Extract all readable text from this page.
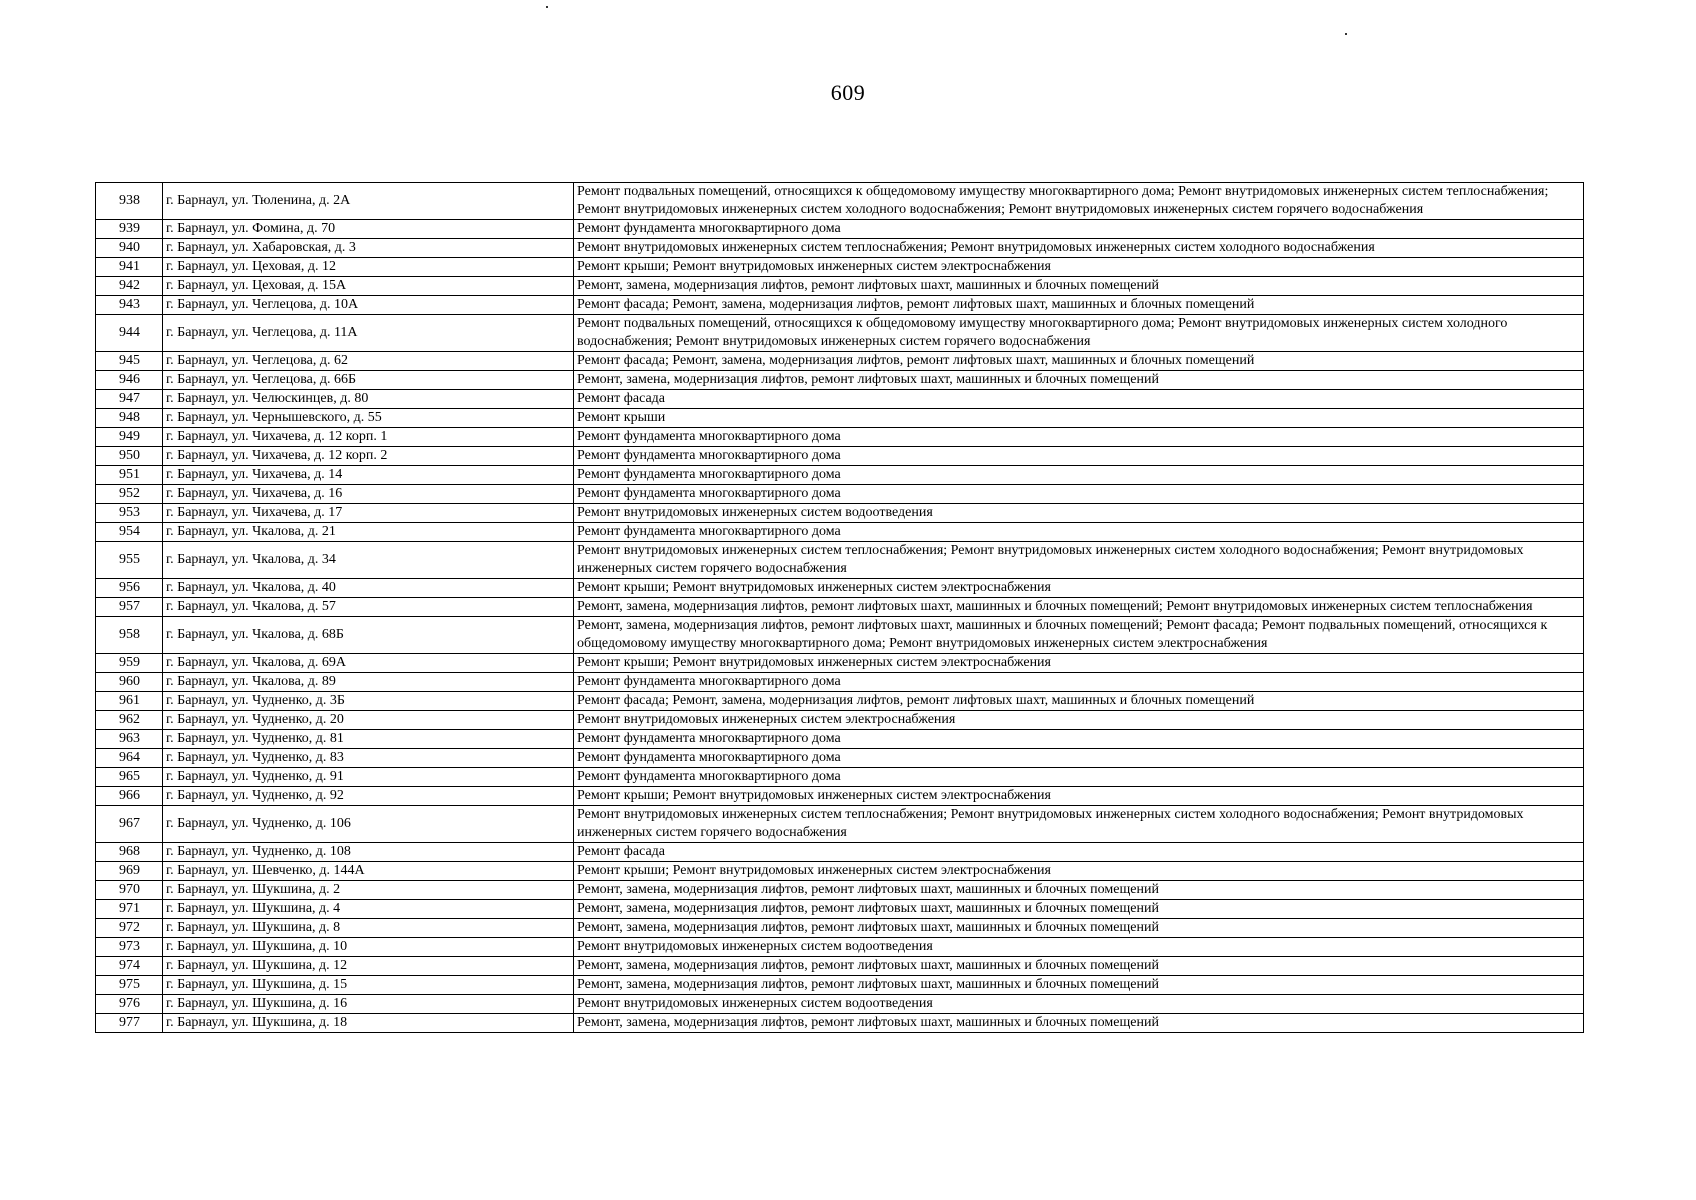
609
938	г. Барнаул, ул. Тюленина, д. 2А	Ремонт подвальных помещений, относящихся к общедомовому имуществу многоквартирного дома; Ремонт внутридомовых инженерных систем теплоснабжения; Ремонт внутридомовых инженерных систем холодного водоснабжения; Ремонт внутридомовых инженерных систем горячего водоснабжения
939	г. Барнаул, ул. Фомина, д. 70	Ремонт фундамента многоквартирного дома
940	г. Барнаул, ул. Хабаровская, д. 3	Ремонт внутридомовых инженерных систем теплоснабжения; Ремонт внутридомовых инженерных систем холодного водоснабжения
941	г. Барнаул, ул. Цеховая, д. 12	Ремонт крыши; Ремонт внутридомовых инженерных систем электроснабжения
942	г. Барнаул, ул. Цеховая, д. 15А	Ремонт, замена, модернизация лифтов, ремонт лифтовых шахт, машинных и блочных помещений
943	г. Барнаул, ул. Чеглецова, д. 10А	Ремонт фасада; Ремонт, замена, модернизация лифтов, ремонт лифтовых шахт, машинных и блочных помещений
944	г. Барнаул, ул. Чеглецова, д. 11А	Ремонт подвальных помещений, относящихся к общедомовому имуществу многоквартирного дома; Ремонт внутридомовых инженерных систем холодного водоснабжения; Ремонт внутридомовых инженерных систем горячего водоснабжения
945	г. Барнаул, ул. Чеглецова, д. 62	Ремонт фасада; Ремонт, замена, модернизация лифтов, ремонт лифтовых шахт, машинных и блочных помещений
946	г. Барнаул, ул. Чеглецова, д. 66Б	Ремонт, замена, модернизация лифтов, ремонт лифтовых шахт, машинных и блочных помещений
947	г. Барнаул, ул. Челюскинцев, д. 80	Ремонт фасада
948	г. Барнаул, ул. Чернышевского, д. 55	Ремонт крыши
949	г. Барнаул, ул. Чихачева, д. 12 корп. 1	Ремонт фундамента многоквартирного дома
950	г. Барнаул, ул. Чихачева, д. 12 корп. 2	Ремонт фундамента многоквартирного дома
951	г. Барнаул, ул. Чихачева, д. 14	Ремонт фундамента многоквартирного дома
952	г. Барнаул, ул. Чихачева, д. 16	Ремонт фундамента многоквартирного дома
953	г. Барнаул, ул. Чихачева, д. 17	Ремонт внутридомовых инженерных систем водоотведения
954	г. Барнаул, ул. Чкалова, д. 21	Ремонт фундамента многоквартирного дома
955	г. Барнаул, ул. Чкалова, д. 34	Ремонт внутридомовых инженерных систем теплоснабжения; Ремонт внутридомовых инженерных систем холодного водоснабжения; Ремонт внутридомовых инженерных систем горячего водоснабжения
956	г. Барнаул, ул. Чкалова, д. 40	Ремонт крыши; Ремонт внутридомовых инженерных систем электроснабжения
957	г. Барнаул, ул. Чкалова, д. 57	Ремонт, замена, модернизация лифтов, ремонт лифтовых шахт, машинных и блочных помещений; Ремонт внутридомовых инженерных систем теплоснабжения
958	г. Барнаул, ул. Чкалова, д. 68Б	Ремонт, замена, модернизация лифтов, ремонт лифтовых шахт, машинных и блочных помещений; Ремонт фасада; Ремонт подвальных помещений, относящихся к общедомовому имуществу многоквартирного дома; Ремонт внутридомовых инженерных систем электроснабжения
959	г. Барнаул, ул. Чкалова, д. 69А	Ремонт крыши; Ремонт внутридомовых инженерных систем электроснабжения
960	г. Барнаул, ул. Чкалова, д. 89	Ремонт фундамента многоквартирного дома
961	г. Барнаул, ул. Чудненко, д. 3Б	Ремонт фасада; Ремонт, замена, модернизация лифтов, ремонт лифтовых шахт, машинных и блочных помещений
962	г. Барнаул, ул. Чудненко, д. 20	Ремонт внутридомовых инженерных систем электроснабжения
963	г. Барнаул, ул. Чудненко, д. 81	Ремонт фундамента многоквартирного дома
964	г. Барнаул, ул. Чудненко, д. 83	Ремонт фундамента многоквартирного дома
965	г. Барнаул, ул. Чудненко, д. 91	Ремонт фундамента многоквартирного дома
966	г. Барнаул, ул. Чудненко, д. 92	Ремонт крыши; Ремонт внутридомовых инженерных систем электроснабжения
967	г. Барнаул, ул. Чудненко, д. 106	Ремонт внутридомовых инженерных систем теплоснабжения; Ремонт внутридомовых инженерных систем холодного водоснабжения; Ремонт внутридомовых инженерных систем горячего водоснабжения
968	г. Барнаул, ул. Чудненко, д. 108	Ремонт фасада
969	г. Барнаул, ул. Шевченко, д. 144А	Ремонт крыши; Ремонт внутридомовых инженерных систем электроснабжения
970	г. Барнаул, ул. Шукшина, д. 2	Ремонт, замена, модернизация лифтов, ремонт лифтовых шахт, машинных и блочных помещений
971	г. Барнаул, ул. Шукшина, д. 4	Ремонт, замена, модернизация лифтов, ремонт лифтовых шахт, машинных и блочных помещений
972	г. Барнаул, ул. Шукшина, д. 8	Ремонт, замена, модернизация лифтов, ремонт лифтовых шахт, машинных и блочных помещений
973	г. Барнаул, ул. Шукшина, д. 10	Ремонт внутридомовых инженерных систем водоотведения
974	г. Барнаул, ул. Шукшина, д. 12	Ремонт, замена, модернизация лифтов, ремонт лифтовых шахт, машинных и блочных помещений
975	г. Барнаул, ул. Шукшина, д. 15	Ремонт, замена, модернизация лифтов, ремонт лифтовых шахт, машинных и блочных помещений
976	г. Барнаул, ул. Шукшина, д. 16	Ремонт внутридомовых инженерных систем водоотведения
977	г. Барнаул, ул. Шукшина, д. 18	Ремонт, замена, модернизация лифтов, ремонт лифтовых шахт, машинных и блочных помещений
